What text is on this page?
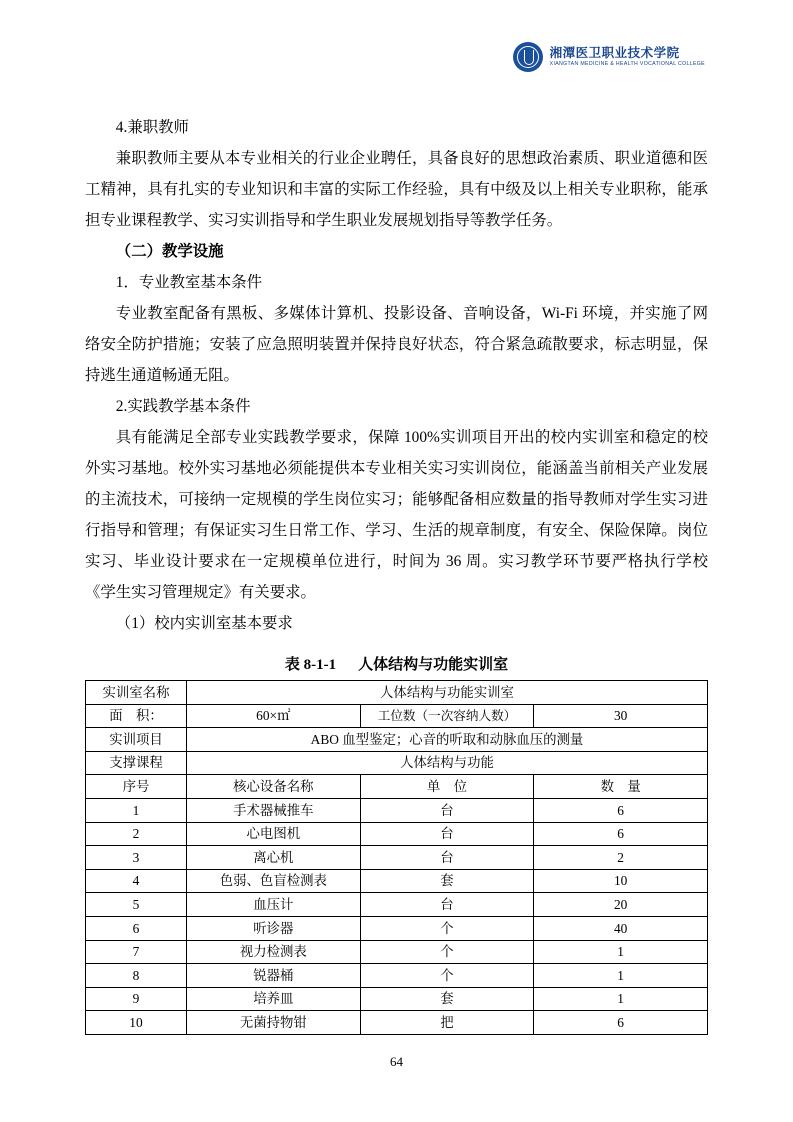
湘潭医卫职业技术学院
XIANGTAN MEDICINE & HEALTH VOCATIONAL COLLEGE

4.兼职教师

兼职教师主要从本专业相关的行业企业聘任，具备良好的思想政治素质、职业道德和医工精神，具有扎实的专业知识和丰富的实际工作经验，具有中级及以上相关专业职称，能承 担专业课程教学、实习实训指导和学生职业发展规划指导等教学任务。

（二）教学设施

1．专业教室基本条件

专业教室配备有黑板、多媒体计算机、投影设备、音响设备，Wi-Fi 环境，并实施了网络安全防护措施；安装了应急照明装置并保持良好状态，符合紧急疏散要求，标志明显，保持逃生通道畅通无阻。

2.实践教学基本条件

具有能满足全部专业实践教学要求，保障 100%实训项目开出的校内实训室和稳定的校外实习基地。校外实习基地必须能提供本专业相关实习实训岗位，能涵盖当前相关产业发展的主流技术，可接纳一定规模的学生岗位实习；能够配备相应数量的指导教师对学生实习进行指导和管理；有保证实习生日常工作、学习、生活的规章制度，有安全、保险保障。岗位实习、毕业设计要求在一定规模单位进行，时间为 36 周。实习教学环节要严格执行学校《学生实习管理规定》有关要求。

（1）校内实训室基本要求

表 8-1-1 人体结构与功能实训室
实训室名称	人体结构与功能实训室		
面　积：	60×㎡	工位数（一次容纳人数）	30
实训项目	ABO 血型鉴定；心音的听取和动脉血压的测量		
支撑课程	人体结构与功能		
序号	核心设备名称	单　位	数　量
1	手术器械推车	台	6
2	心电图机	台	6
3	离心机	台	2
4	色弱、色盲检测表	套	10
5	血压计	台	20
6	听诊器	个	40
7	视力检测表	个	1
8	锐器桶	个	1
9	培养皿	套	1
10	无菌持物钳	把	6
64
